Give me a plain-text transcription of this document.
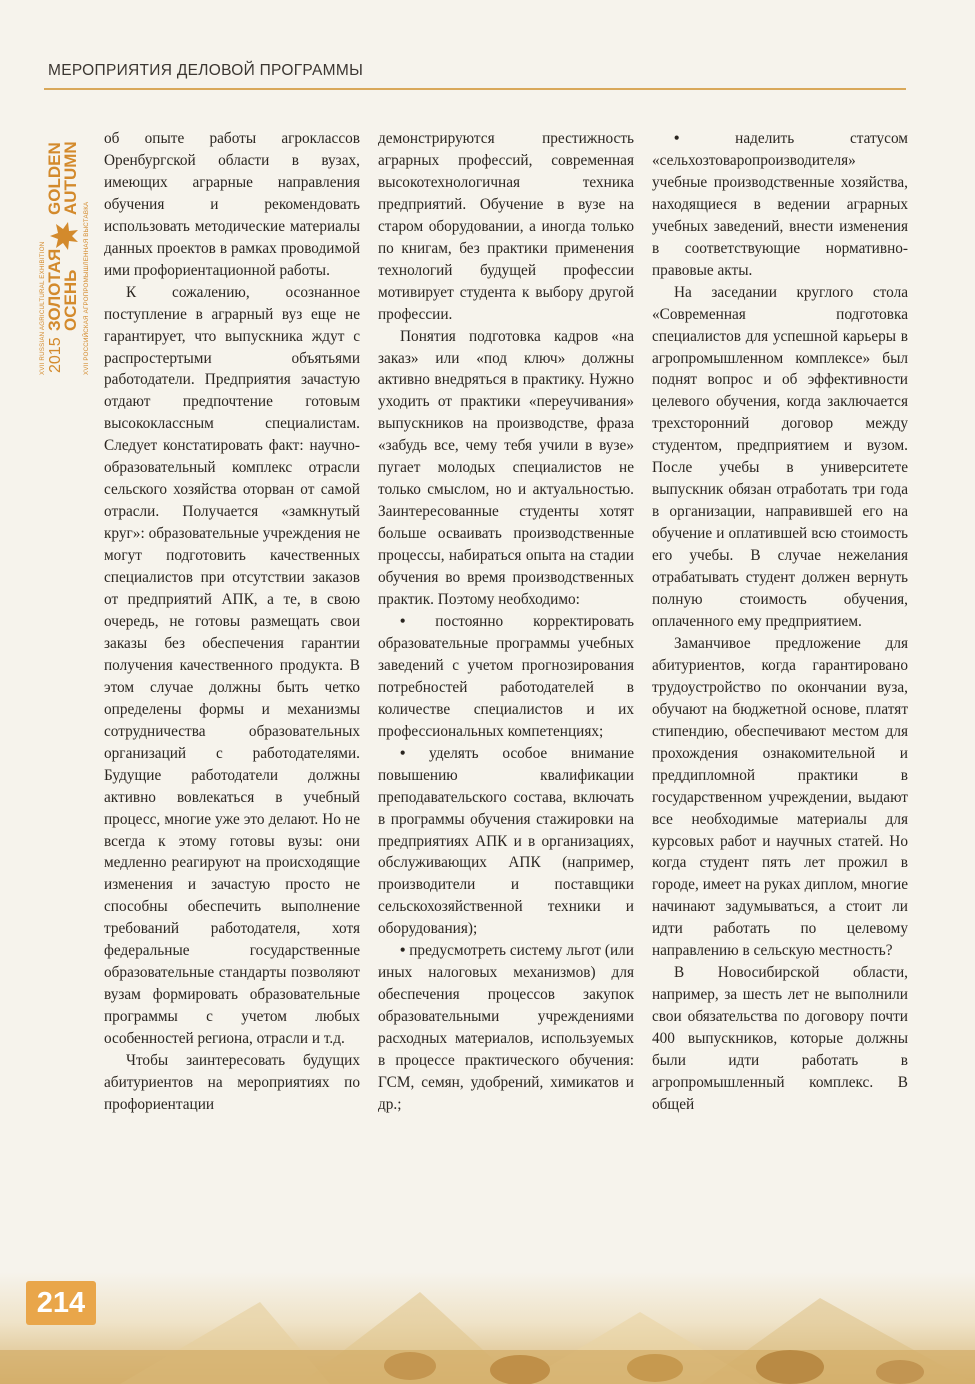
МЕРОПРИЯТИЯ ДЕЛОВОЙ ПРОГРАММЫ
XVII RUSSIAN AGRICULTURAL EXHIBITION 2015
ЗОЛОТАЯ
ОСЕНЬ
GOLDEN
AUTUMN
XVII РОССИЙСКАЯ АГРОПРОМЫШЛЕННАЯ ВЫСТАВКА

об опыте работы агроклассов Оренбургской области в вузах, имеющих аграрные направления обучения и рекомендовать использовать методические материалы данных проектов в рамках проводимой ими профориентационной работы.

К сожалению, осознанное поступление в аграрный вуз еще не гарантирует, что выпускника ждут с распростертыми объятьями работодатели. Предприятия зачастую отдают предпочтение готовым высококлассным специалистам. Следует констатировать факт: научно-образовательный комплекс отрасли сельского хозяйства оторван от самой отрасли. Получается «замкнутый круг»: образовательные учреждения не могут подготовить качественных специалистов при отсутствии заказов от предприятий АПК, а те, в свою очередь, не готовы размещать свои заказы без обеспечения гарантии получения качественного продукта. В этом случае должны быть четко определены формы и механизмы сотрудничества образовательных организаций с работодателями. Будущие работодатели должны активно вовлекаться в учебный процесс, многие уже это делают. Но не всегда к этому готовы вузы: они медленно реагируют на происходящие изменения и зачастую просто не способны обеспечить выполнение требований работодателя, хотя федеральные государственные образовательные стандарты позволяют вузам формировать образовательные программы с учетом любых особенностей региона, отрасли и т.д.

Чтобы заинтересовать будущих абитуриентов на мероприятиях по профориентации

демонстрируются престижность аграрных профессий, современная высокотехнологичная техника предприятий. Обучение в вузе на старом оборудовании, а иногда только по книгам, без практики применения технологий будущей профессии мотивирует студента к выбору другой профессии.

Понятия подготовка кадров «на заказ» или «под ключ» должны активно внедряться в практику. Нужно уходить от практики «переучивания» выпускников на производстве, фраза «забудь все, чему тебя учили в вузе» пугает молодых специалистов не только смыслом, но и актуальностью. Заинтересованные студенты хотят больше осваивать производственные процессы, набираться опыта на стадии обучения во время производственных практик. Поэтому необходимо:

• постоянно корректировать образовательные программы учебных заведений с учетом прогнозирования потребностей работодателей в количестве специалистов и их профессиональных компетенциях;

• уделять особое внимание повышению квалификации преподавательского состава, включать в программы обучения стажировки на предприятиях АПК и в организациях, обслуживающих АПК (например, производители и поставщики сельскохозяйственной техники и оборудования);

• предусмотреть систему льгот (или иных налоговых механизмов) для обеспечения процессов закупок образовательными учреждениями расходных материалов, используемых в процессе практического обучения: ГСМ, семян, удобрений, химикатов и др.;

• наделить статусом «сельхозтоваропроизводителя» учебные производственные хозяйства, находящиеся в ведении аграрных учебных заведений, внести изменения в соответствующие нормативно-правовые акты.

На заседании круглого стола «Современная подготовка специалистов для успешной карьеры в агропромышленном комплексе» был поднят вопрос и об эффективности целевого обучения, когда заключается трехсторонний договор между студентом, предприятием и вузом. После учебы в университете выпускник обязан отработать три года в организации, направившей его на обучение и оплатившей всю стоимость его учебы. В случае нежелания отрабатывать студент должен вернуть полную стоимость обучения, оплаченного ему предприятием.

Заманчивое предложение для абитуриентов, когда гарантировано трудоустройство по окончании вуза, обучают на бюджетной основе, платят стипендию, обеспечивают местом для прохождения ознакомительной и преддипломной практики в государственном учреждении, выдают все необходимые материалы для курсовых работ и научных статей. Но когда студент пять лет прожил в городе, имеет на руках диплом, многие начинают задумываться, а стоит ли идти работать по целевому направлению в сельскую местность?

В Новосибирской области, например, за шесть лет не выполнили свои обязательства по договору почти 400 выпускников, которые должны были идти работать в агропромышленный комплекс. В общей

214
